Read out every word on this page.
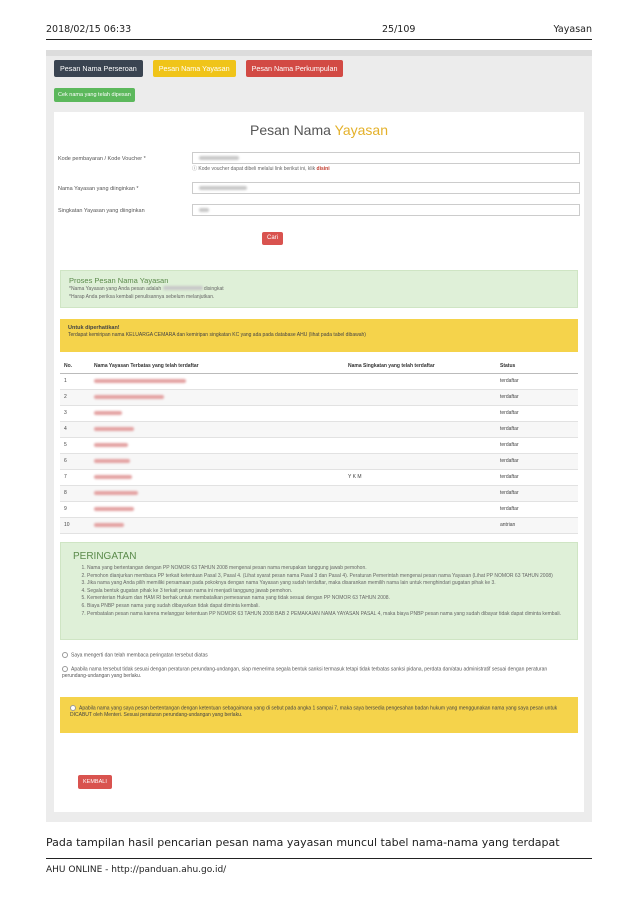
2018/02/15 06:33	25/109	Yayasan
Pesan Nama Perseroan	Pesan Nama Yayasan	Pesan Nama Perkumpulan
Cek nama yang telah dipesan
Pesan Nama Yayasan
Kode pembayaran / Kode Voucher *
ⓘ Kode voucher dapat dibeli melalui link berikut ini, klik disini
Nama Yayasan yang diinginkan *
Singkatan Yayasan yang diinginkan
Cari
Proses Pesan Nama Yayasan
*Nama Yayasan yang Anda pesan adalah	disingkat
*Harap Anda periksa kembali penulisannya sebelum melanjutkan.
Untuk diperhatikan!
Terdapat kemiripan nama KELUARGA CEMARA dan kemiripan singkatan KC yang ada pada database AHU (lihat pada tabel dibawah)
No.	Nama Yayasan Terbatas yang telah terdaftar	Nama Singkatan yang telah terdaftar	Status
1			terdaftar
2			terdaftar
3			terdaftar
4			terdaftar
5			terdaftar
6			terdaftar
7		Y K M	terdaftar
8			terdaftar
9			terdaftar
10			antrian
PERINGATAN
1. Nama yang bertentangan dengan PP NOMOR 63 TAHUN 2008 mengenai pesan nama merupakan tanggung jawab pemohon.
2. Pemohon dianjurkan membaca PP terkait ketentuan Pasal 3, Pasal 4. (Lihat syarat pesan nama Pasal 3 dan Pasal 4). Peraturan Pemerintah mengenai pesan nama Yayasan (Lihat PP NOMOR 63 TAHUN 2008)
3. Jika nama yang Anda pilih memiliki persamaan pada pokoknya dengan nama Yayasan yang sudah terdaftar, maka disarankan memilih nama lain untuk menghindari gugatan pihak ke 3.
4. Segala bentuk gugatan pihak ke 3 terkait pesan nama ini menjadi tanggung jawab pemohon.
5. Kementerian Hukum dan HAM RI berhak untuk membatalkan pemesanan nama yang tidak sesuai dengan PP NOMOR 63 TAHUN 2008.
6. Biaya PNBP pesan nama yang sudah dibayarkan tidak dapat diminta kembali.
7. Pembatalan pesan nama karena melanggar ketentuan PP NOMOR 63 TAHUN 2008 BAB 2 PEMAKAIAN NAMA YAYASAN PASAL 4, maka biaya PNBP pesan nama yang sudah dibayar tidak dapat diminta kembali.
Saya mengerti dan telah membaca peringatan tersebut diatas
Apabila nama tersebut tidak sesuai dengan peraturan perundang-undangan, siap menerima segala bentuk sanksi termasuk tetapi tidak terbatas sanksi pidana, perdata dan/atau administratif sesuai dengan peraturan perundang-undangan yang berlaku.
Apabila nama yang saya pesan bertentangan dengan ketentuan sebagaimana yang di sebut pada angka 1 sampai 7, maka saya bersedia pengesahan badan hukum yang menggunakan nama yang saya pesan untuk DICABUT oleh Menteri. Sesuai peraturan perundang-undangan yang berlaku.
KEMBALI
Pada tampilan hasil pencarian pesan nama yayasan muncul tabel nama-nama yang terdapat
AHU ONLINE - http://panduan.ahu.go.id/
